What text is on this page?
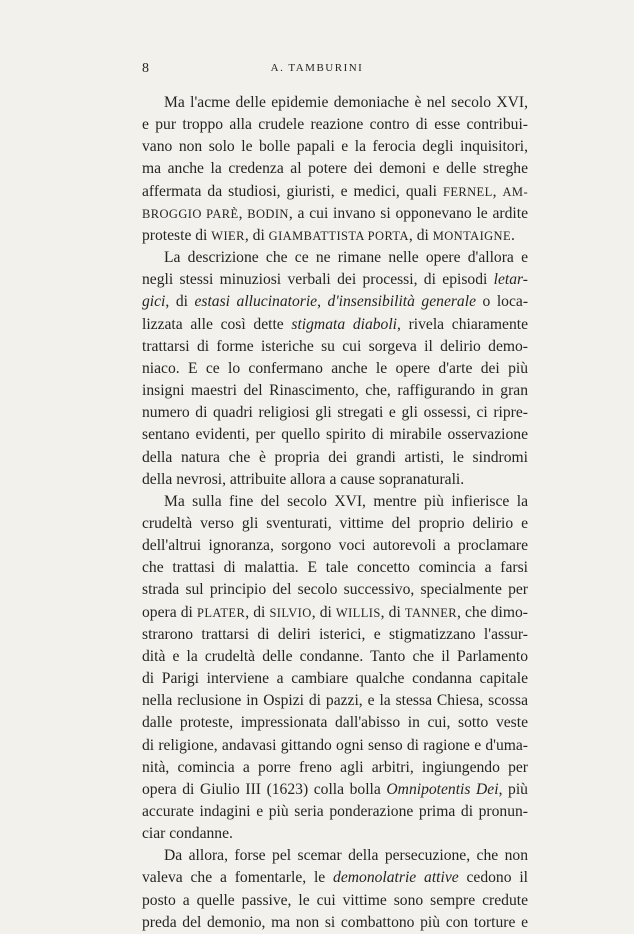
8	A. TAMBURINI
Ma l'acme delle epidemie demoniache è nel secolo XVI,
e pur troppo alla crudele reazione contro di esse contribui-
vano non solo le bolle papali e la ferocia degli inquisitori,
ma anche la credenza al potere dei demoni e delle streghe
affermata da studiosi, giuristi, e medici, quali FERNEL, AM-
BROGGIO PARÈ, BODIN, a cui invano si opponevano le ardite
proteste di WIER, di GIAMBATTISTA PORTA, di MONTAIGNE.
La descrizione che ce ne rimane nelle opere d'allora e
negli stessi minuziosi verbali dei processi, di episodi letar-
gici, di estasi allucinatorie, d'insensibilità generale o loca-
lizzata alle così dette stigmata diaboli, rivela chiaramente
trattarsi di forme isteriche su cui sorgeva il delirio demo-
niaco. E ce lo confermano anche le opere d'arte dei più
insigni maestri del Rinascimento, che, raffigurando in gran
numero di quadri religiosi gli stregati e gli ossessi, ci ripre-
sentano evidenti, per quello spirito di mirabile osservazione
della natura che è propria dei grandi artisti, le sindromi
della nevrosi, attribuite allora a cause sopranaturali.
Ma sulla fine del secolo XVI, mentre più infierisce la
crudeltà verso gli sventurati, vittime del proprio delirio e
dell'altrui ignoranza, sorgono voci autorevoli a proclamare
che trattasi di malattia. E tale concetto comincia a farsi
strada sul principio del secolo successivo, specialmente per
opera di PLATER, di SILVIO, di WILLIS, di TANNER, che dimo-
strarono trattarsi di deliri isterici, e stigmatizzano l'assur-
dità e la crudeltà delle condanne. Tanto che il Parlamento
di Parigi interviene a cambiare qualche condanna capitale
nella reclusione in Ospizi di pazzi, e la stessa Chiesa, scossa
dalle proteste, impressionata dall'abisso in cui, sotto veste
di religione, andavasi gittando ogni senso di ragione e d'uma-
nità, comincia a porre freno agli arbitri, ingiungendo per
opera di Giulio III (1623) colla bolla Omnipotentis Dei, più
accurate indagini e più seria ponderazione prima di pronun-
ciar condanne.
Da allora, forse pel scemar della persecuzione, che non
valeva che a fomentarle, le demonolatrie attive cedono il
posto a quelle passive, le cui vittime sono sempre credute
preda del demonio, ma non si combattono più con torture e
